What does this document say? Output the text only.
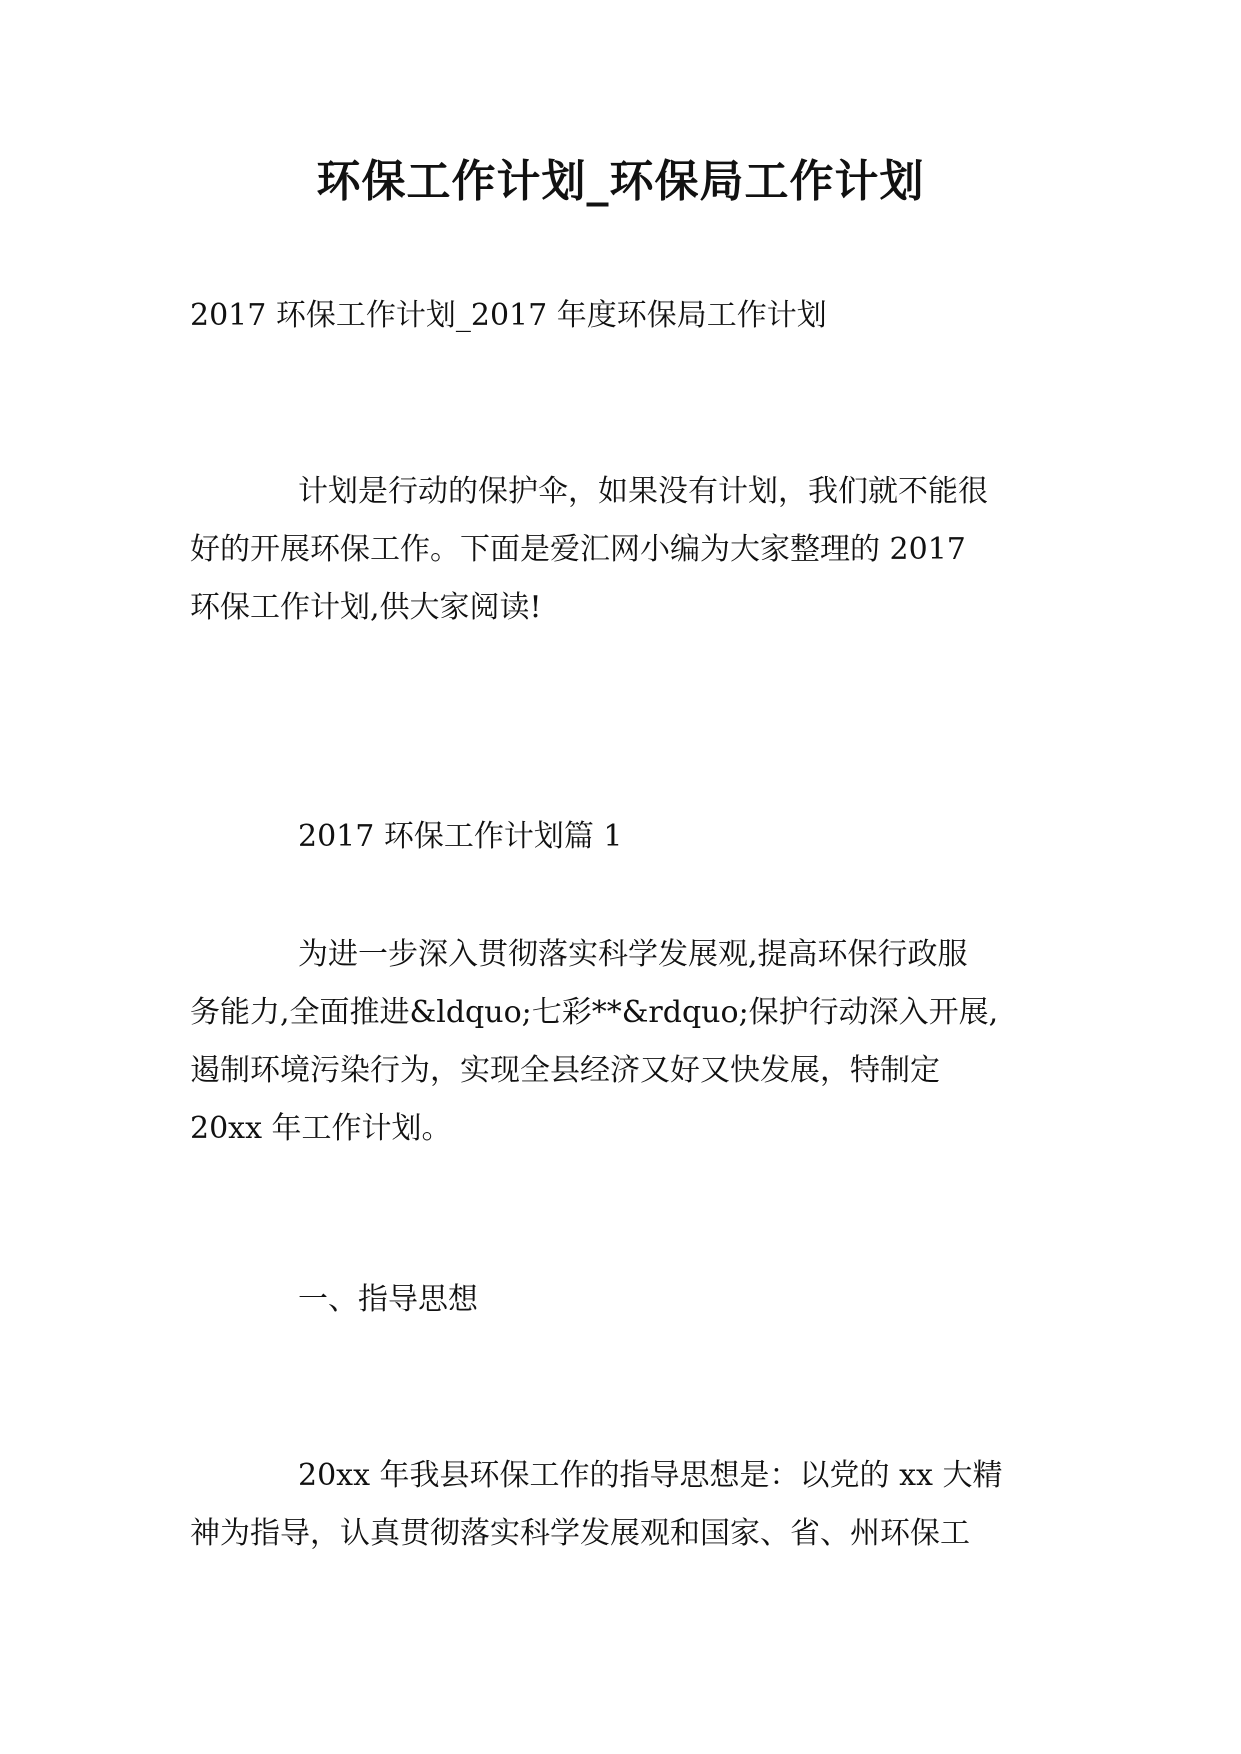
环保工作计划_环保局工作计划

2017 环保工作计划_2017 年度环保局工作计划

计划是行动的保护伞，如果没有计划，我们就不能很

好的开展环保工作。下面是爱汇网小编为大家整理的 2017

环保工作计划,供大家阅读!

2017 环保工作计划篇 1

为进一步深入贯彻落实科学发展观,提高环保行政服

务能力,全面推进&ldquo;七彩**&rdquo;保护行动深入开展,

遏制环境污染行为，实现全县经济又好又快发展，特制定

20xx 年工作计划。

一、指导思想

20xx 年我县环保工作的指导思想是：以党的 xx 大精

神为指导，认真贯彻落实科学发展观和国家、省、州环保工
